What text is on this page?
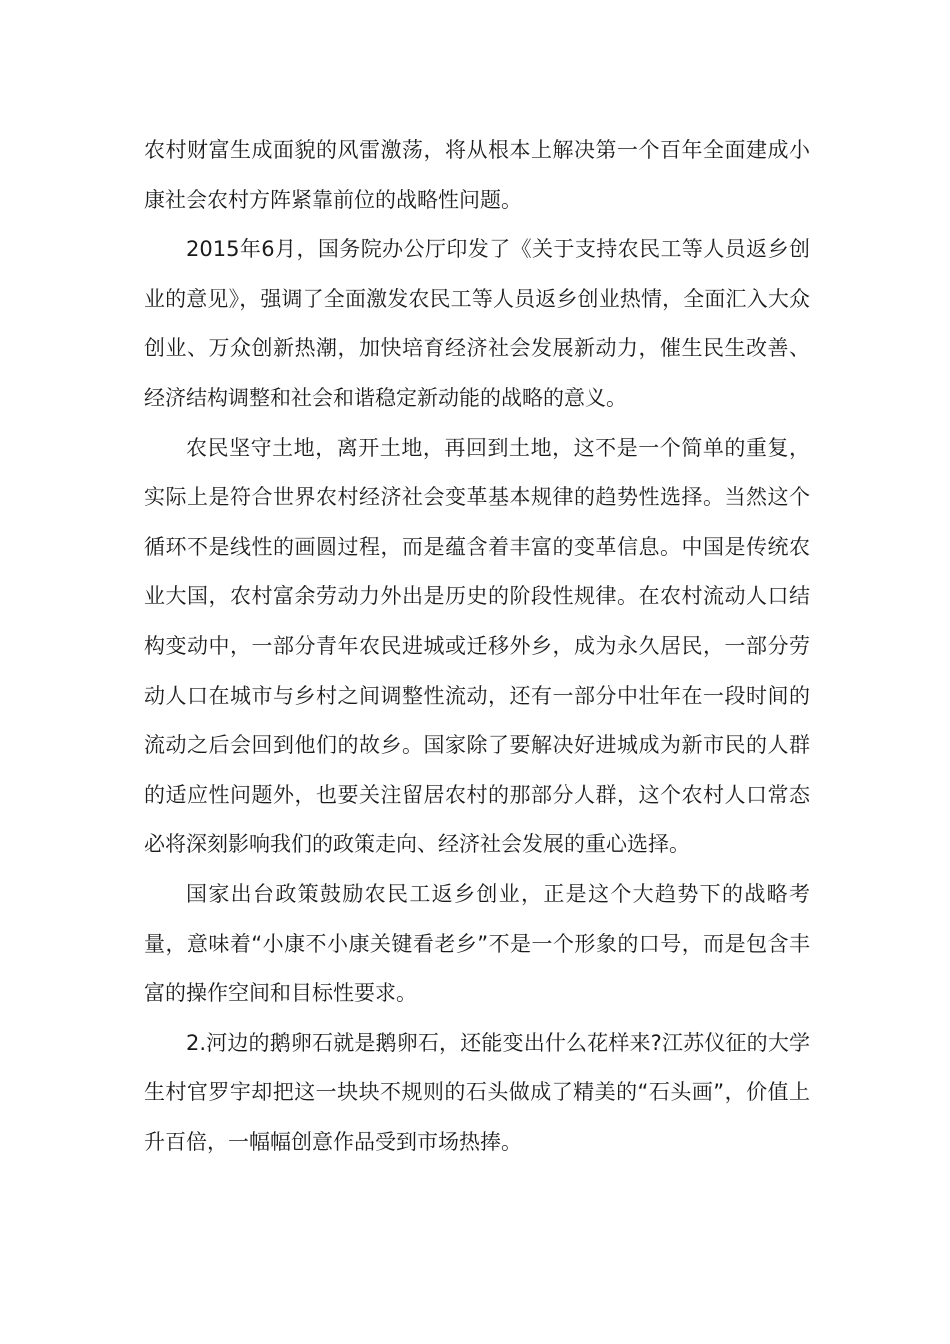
农村财富生成面貌的风雷激荡，将从根本上解决第一个百年全面建成小康社会农村方阵紧靠前位的战略性问题。

2015年6月，国务院办公厅印发了《关于支持农民工等人员返乡创业的意见》，强调了全面激发农民工等人员返乡创业热情，全面汇入大众创业、万众创新热潮，加快培育经济社会发展新动力，催生民生改善、经济结构调整和社会和谐稳定新动能的战略的意义。

农民坚守土地，离开土地，再回到土地，这不是一个简单的重复，实际上是符合世界农村经济社会变革基本规律的趋势性选择。当然这个循环不是线性的画圆过程，而是蕴含着丰富的变革信息。中国是传统农业大国，农村富余劳动力外出是历史的阶段性规律。在农村流动人口结构变动中，一部分青年农民进城或迁移外乡，成为永久居民，一部分劳动人口在城市与乡村之间调整性流动，还有一部分中壮年在一段时间的流动之后会回到他们的故乡。国家除了要解决好进城成为新市民的人群的适应性问题外，也要关注留居农村的那部分人群，这个农村人口常态必将深刻影响我们的政策走向、经济社会发展的重心选择。

国家出台政策鼓励农民工返乡创业，正是这个大趋势下的战略考量，意味着“小康不小康关键看老乡”不是一个形象的口号，而是包含丰富的操作空间和目标性要求。

2.河边的鹅卵石就是鹅卵石，还能变出什么花样来?江苏仪征的大学生村官罗宇却把这一块块不规则的石头做成了精美的“石头画”，价值上升百倍，一幅幅创意作品受到市场热捧。
